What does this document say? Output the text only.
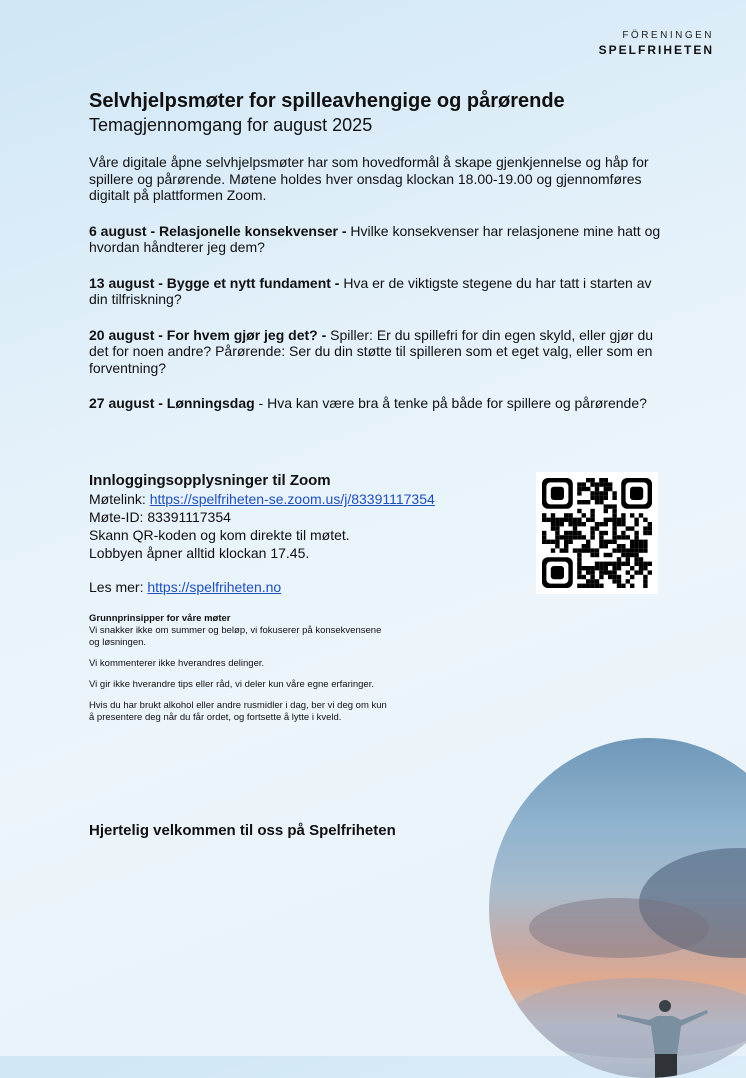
FÖRENINGEN
SPELFRIHETEN
Selvhjelpsmøter for spilleavhengige og pårørende

Temagjennomgang for august 2025

Våre digitale åpne selvhjelpsmøter har som hovedformål å skape gjenkjennelse og håp for spillere og pårørende. Møtene holdes hver onsdag klockan 18.00-19.00 og gjennomføres digitalt på plattformen Zoom.

6 august - Relasjonelle konsekvenser - Hvilke konsekvenser har relasjonene mine hatt og hvordan håndterer jeg dem?

13 august - Bygge et nytt fundament - Hva er de viktigste stegene du har tatt i starten av din tilfriskning?

20 august - For hvem gjør jeg det? - Spiller: Er du spillefri for din egen skyld, eller gjør du det for noen andre? Pårørende: Ser du din støtte til spilleren som et eget valg, eller som en forventning?

27 august - Lønningsdag - Hva kan være bra å tenke på både for spillere og pårørende?

Innloggingsopplysninger til Zoom
Møtelink: https://spelfriheten-se.zoom.us/j/83391117354
Møte-ID: 83391117354
Skann QR-koden og kom direkte til møtet.
Lobbyen åpner alltid klockan 17.45.
Les mer: https://spelfriheten.no

Grunnprinsipper for våre møter

Vi snakker ikke om summer og beløp, vi fokuserer på konsekvensene og løsningen.

Vi kommenterer ikke hverandres delinger.

Vi gir ikke hverandre tips eller råd, vi deler kun våre egne erfaringer.

Hvis du har brukt alkohol eller andre rusmidler i dag, ber vi deg om kun å presentere deg når du får ordet, og fortsette å lytte i kveld.

Hjertelig velkommen til oss på Spelfriheten
